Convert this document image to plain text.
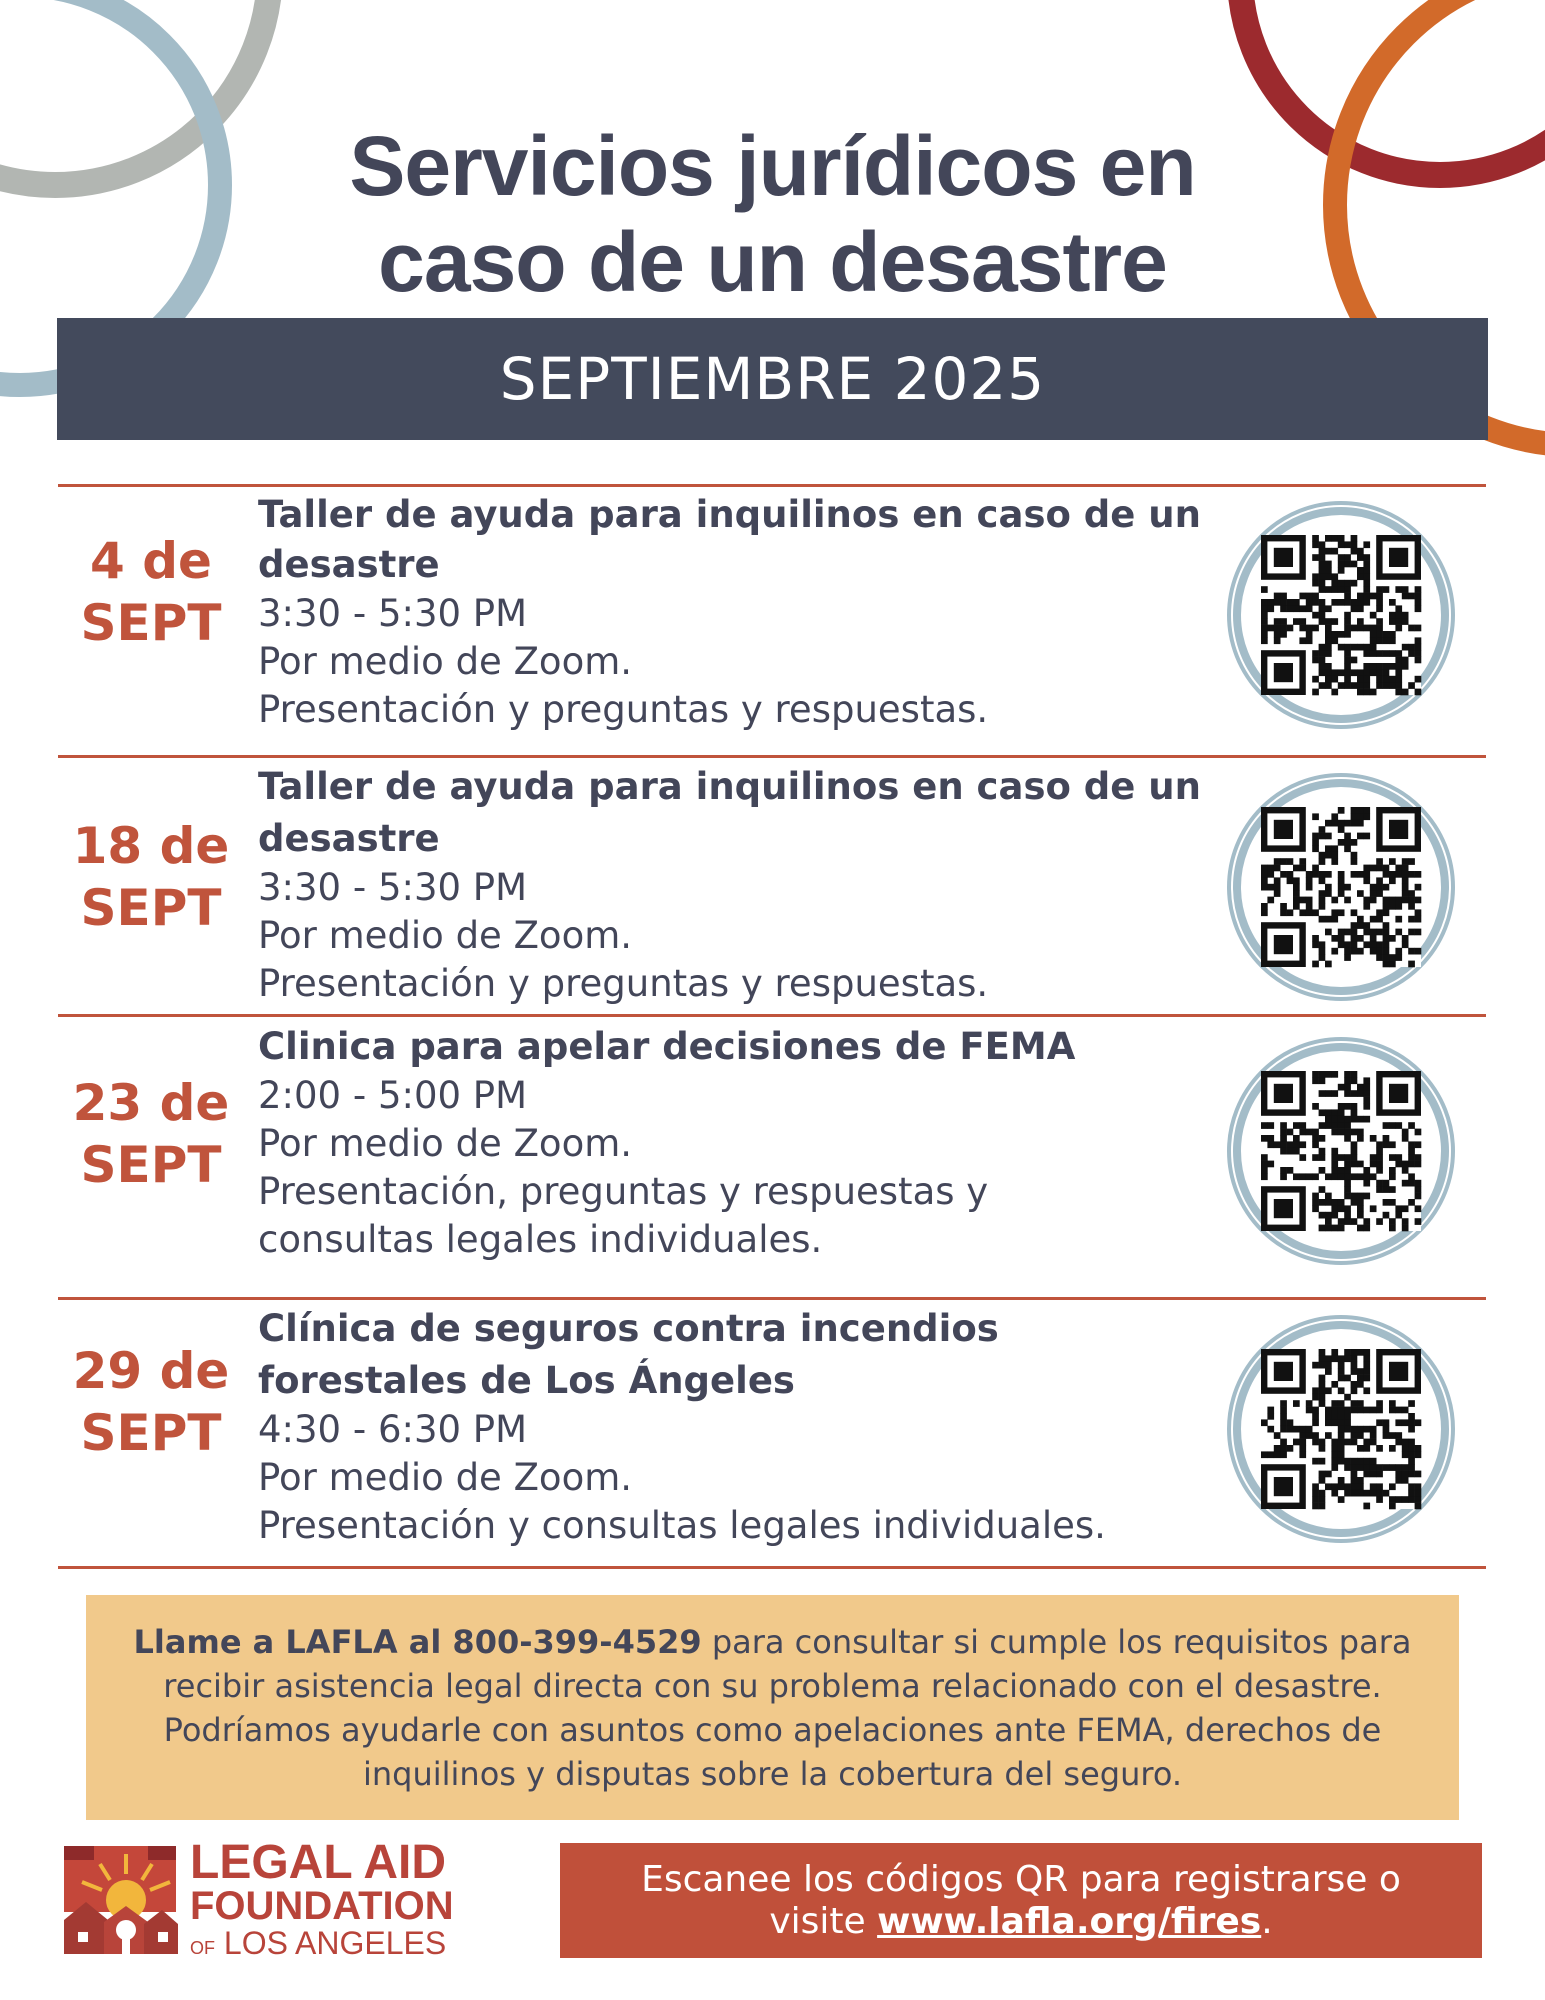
Servicios jurídicos en
caso de un desastre
SEPTIEMBRE 2025
4 de
SEPT
Taller de ayuda para inquilinos en caso de un
desastre
3:30 - 5:30 PM
Por medio de Zoom.
Presentación y preguntas y respuestas.
18 de
SEPT
Taller de ayuda para inquilinos en caso de un
desastre
3:30 - 5:30 PM
Por medio de Zoom.
Presentación y preguntas y respuestas.
23 de
SEPT
Clinica para apelar decisiones de FEMA
2:00 - 5:00 PM
Por medio de Zoom.
Presentación, preguntas y respuestas y
consultas legales individuales.
29 de
SEPT
Clínica de seguros contra incendios
forestales de Los Ángeles
4:30 - 6:30 PM
Por medio de Zoom.
Presentación y consultas legales individuales.
Llame a LAFLA al 800-399-4529 para consultar si cumple los requisitos para recibir asistencia legal directa con su problema relacionado con el desastre. Podríamos ayudarle con asuntos como apelaciones ante FEMA, derechos de inquilinos y disputas sobre la cobertura del seguro.
LEGAL AID
FOUNDATION
OF LOS ANGELES
Escanee los códigos QR para registrarse o
visite www.lafla.org/fires.
